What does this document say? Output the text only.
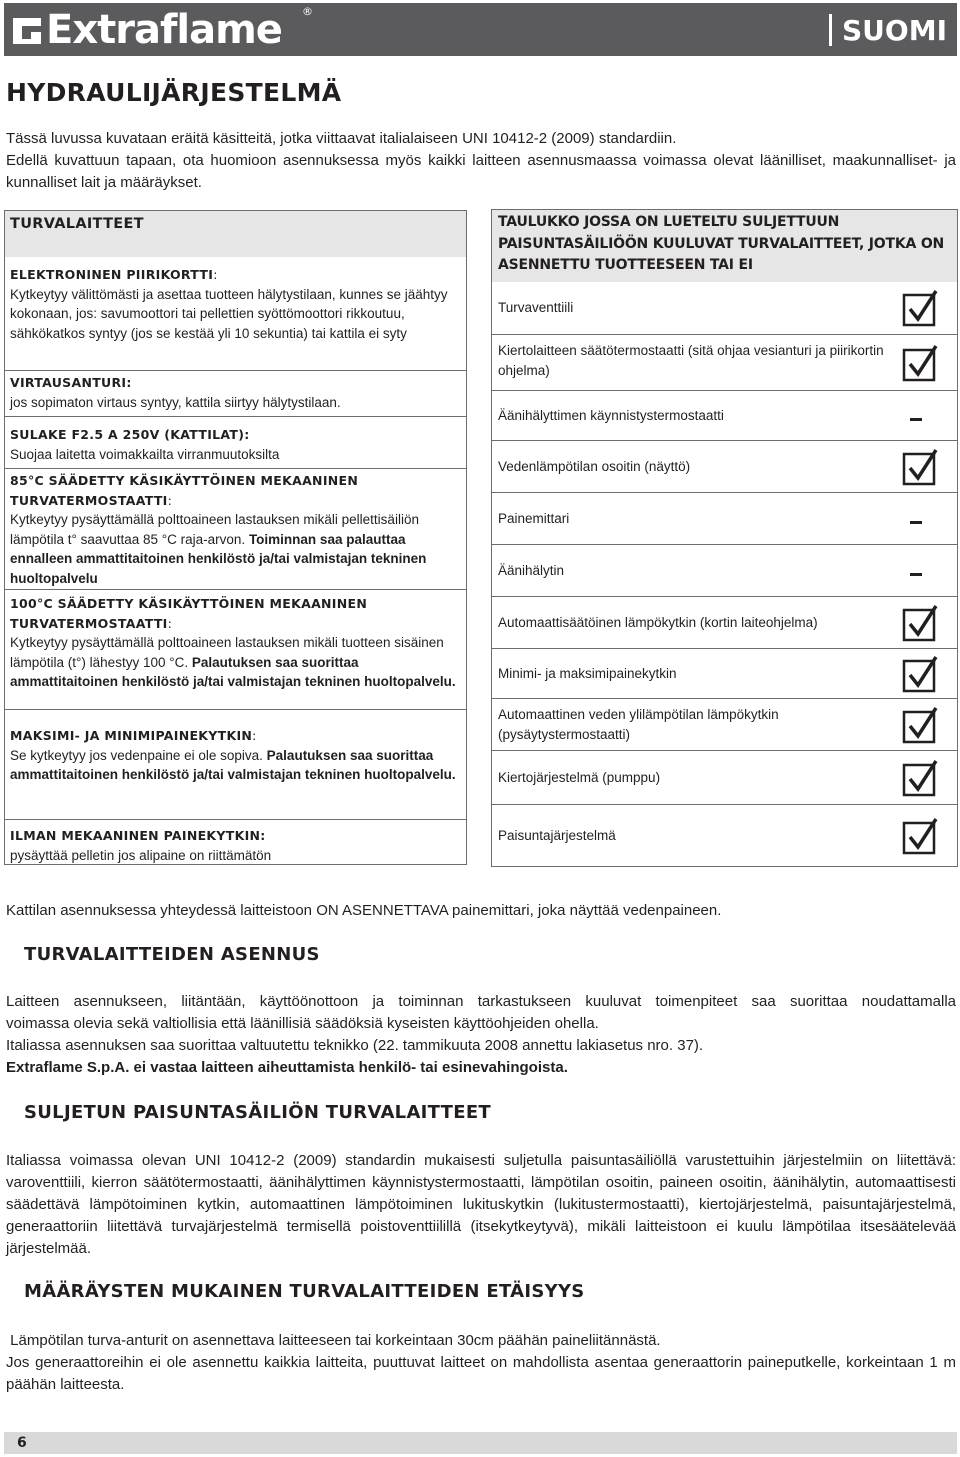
Extraflame ®
SUOMI
HYDRAULIJÄRJESTELMÄ

Tässä luvussa kuvataan eräitä käsitteitä, jotka viittaavat italialaiseen UNI 10412-2 (2009) standardiin.

Edellä kuvattuun tapaan, ota huomioon asennuksessa myös kaikki laitteen asennusmaassa voimassa olevat läänilliset, maakunnalliset- ja kunnalliset lait ja määräykset.

TURVALAITTEET
ELEKTRONINEN PIIRIKORTTI:
Kytkeytyy välittömästi ja asettaa tuotteen hälytystilaan, kunnes se jäähtyy kokonaan, jos: savumoottori tai pellettien syöttömoottori rikkoutuu, sähkökatkos syntyy (jos se kestää yli 10 sekuntia) tai kattila ei syty
VIRTAUSANTURI:
jos sopimaton virtaus syntyy, kattila siirtyy hälytystilaan.
SULAKE F2.5 A 250V (KATTILAT):
Suojaa laitetta voimakkailta virranmuutoksilta
85°C SÄÄDETTY KÄSIKÄYTTÖINEN MEKAANINEN TURVATERMOSTAATTI:
Kytkeytyy pysäyttämällä polttoaineen lastauksen mikäli pellettisäiliön lämpötila t° saavuttaa 85 °C raja-arvon. Toiminnan saa palauttaa ennalleen ammattitaitoinen henkilöstö ja/tai valmistajan tekninen huoltopalvelu
100°C SÄÄDETTY KÄSIKÄYTTÖINEN MEKAANINEN TURVATERMOSTAATTI:
Kytkeytyy pysäyttämällä polttoaineen lastauksen mikäli tuotteen sisäinen lämpötila (t°) lähestyy 100 °C. Palautuksen saa suorittaa ammattitaitoinen henkilöstö ja/tai valmistajan tekninen huoltopalvelu.
MAKSIMI- JA MINIMIPAINEKYTKIN:
Se kytkeytyy jos vedenpaine ei ole sopiva. Palautuksen saa suorittaa ammattitaitoinen henkilöstö ja/tai valmistajan tekninen huoltopalvelu.
ILMAN MEKAANINEN PAINEKYTKIN:
pysäyttää pelletin jos alipaine on riittämätön
TAULUKKO JOSSA ON LUETELTU SULJETTUUN PAISUNTASÄILIÖÖN KUULUVAT TURVALAITTEET, JOTKA ON ASENNETTU TUOTTEESEEN TAI EI
Turvaventtiili
Kiertolaitteen säätötermostaatti (sitä ohjaa vesianturi ja piirikortin ohjelma)
Äänihälyttimen käynnistystermostaatti
Vedenlämpötilan osoitin (näyttö)
Painemittari
Äänihälytin
Automaattisäätöinen lämpökytkin (kortin laiteohjelma)
Minimi- ja maksimipainekytkin
Automaattinen veden ylilämpötilan lämpökytkin (pysäytystermostaatti)
Kiertojärjestelmä (pumppu)
Paisuntajärjestelmä

Kattilan asennuksessa yhteydessä laitteistoon ON ASENNETTAVA painemittari, joka näyttää vedenpaineen.

TURVALAITTEIDEN ASENNUS

Laitteen asennukseen, liitäntään, käyttöönottoon ja toiminnan tarkastukseen kuuluvat toimenpiteet saa suorittaa noudattamalla

voimassa olevia sekä valtiollisia että läänillisiä säädöksiä kyseisten käyttöohjeiden ohella.

Italiassa asennuksen saa suorittaa valtuutettu teknikko (22. tammikuuta 2008 annettu lakiasetus nro. 37).

Extraflame S.p.A. ei vastaa laitteen aiheuttamista henkilö- tai esinevahingoista.

SULJETUN PAISUNTASÄILIÖN TURVALAITTEET

Italiassa voimassa olevan UNI 10412-2 (2009) standardin mukaisesti suljetulla paisuntasäiliöllä varustettuihin järjestelmiin on liitettävä: varoventtiili, kierron säätötermostaatti, äänihälyttimen käynnistystermostaatti, lämpötilan osoitin, paineen osoitin, äänihälytin, automaattisesti säädettävä lämpötoiminen kytkin, automaattinen lämpötoiminen lukituskytkin (lukitustermostaatti), kiertojärjestelmä, paisuntajärjestelmä, generaattoriin liitettävä turvajärjestelmä termisellä poistoventtiilillä (itsekytkeytyvä), mikäli laitteistoon ei kuulu lämpötilaa itsesäätelevää järjestelmää.

MÄÄRÄYSTEN MUKAINEN TURVALAITTEIDEN ETÄISYYS

Lämpötilan turva-anturit on asennettava laitteeseen tai korkeintaan 30cm päähän paineliitännästä.

Jos generaattoreihin ei ole asennettu kaikkia laitteita, puuttuvat laitteet on mahdollista asentaa generaattorin paineputkelle, korkeintaan 1 m päähän laitteesta.

6
